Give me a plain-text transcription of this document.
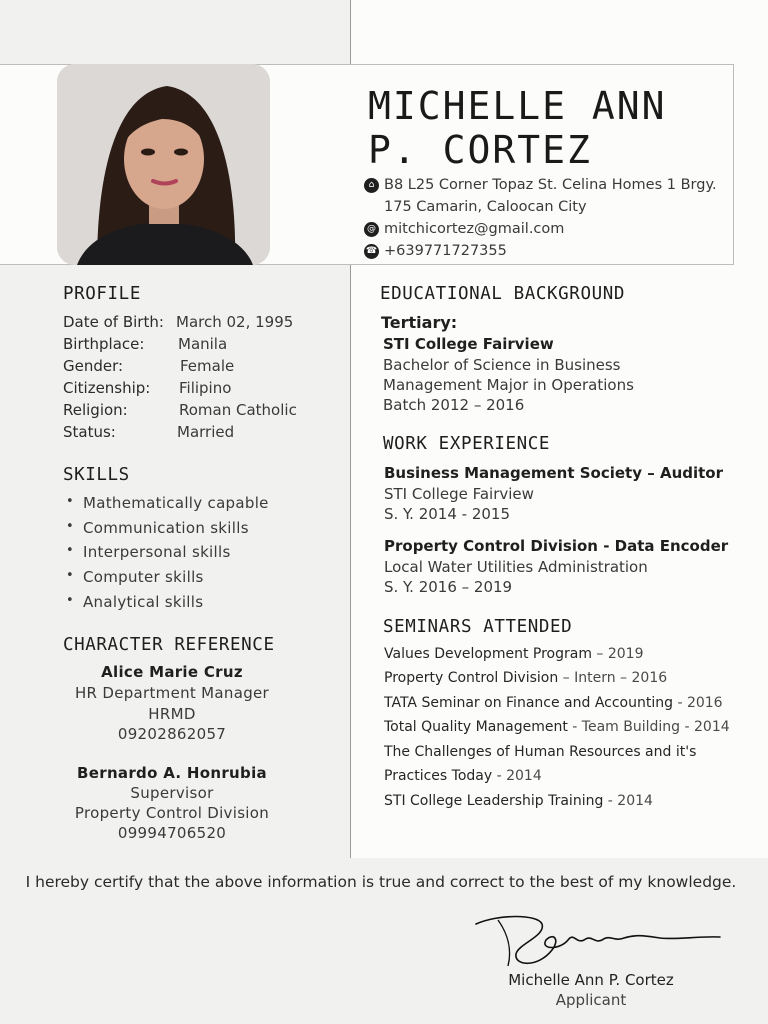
MICHELLE ANN
P. CORTEZ
⌂ B8 L25 Corner Topaz St. Celina Homes 1 Brgy.
175 Camarin, Caloocan City
@ mitchicortez@gmail.com
☎ +639771727355
PROFILE
Date of Birth: March 02, 1995
Birthplace: Manila
Gender:	Female
Citizenship: Filipino
Religion:	Roman Catholic
Status:	Married
SKILLS
Mathematically capable
Communication skills
Interpersonal skills
Computer skills
Analytical skills
CHARACTER REFERENCE
Alice Marie Cruz
HR Department Manager
HRMD
09202862057
Bernardo A. Honrubia
Supervisor
Property Control Division
09994706520
EDUCATIONAL BACKGROUND
Tertiary:
STI College Fairview
Bachelor of Science in Business
Management Major in Operations
Batch 2012 – 2016
WORK EXPERIENCE
Business Management Society – Auditor
STI College Fairview
S. Y. 2014 - 2015
Property Control Division - Data Encoder
Local Water Utilities Administration
S. Y. 2016 – 2019
SEMINARS ATTENDED
Values Development Program – 2019
Property Control Division – Intern – 2016
TATA Seminar on Finance and Accounting - 2016
Total Quality Management - Team Building - 2014
The Challenges of Human Resources and it's
Practices Today - 2014
STI College Leadership Training - 2014
I hereby certify that the above information is true and correct to the best of my knowledge.
Michelle Ann P. Cortez
Applicant
